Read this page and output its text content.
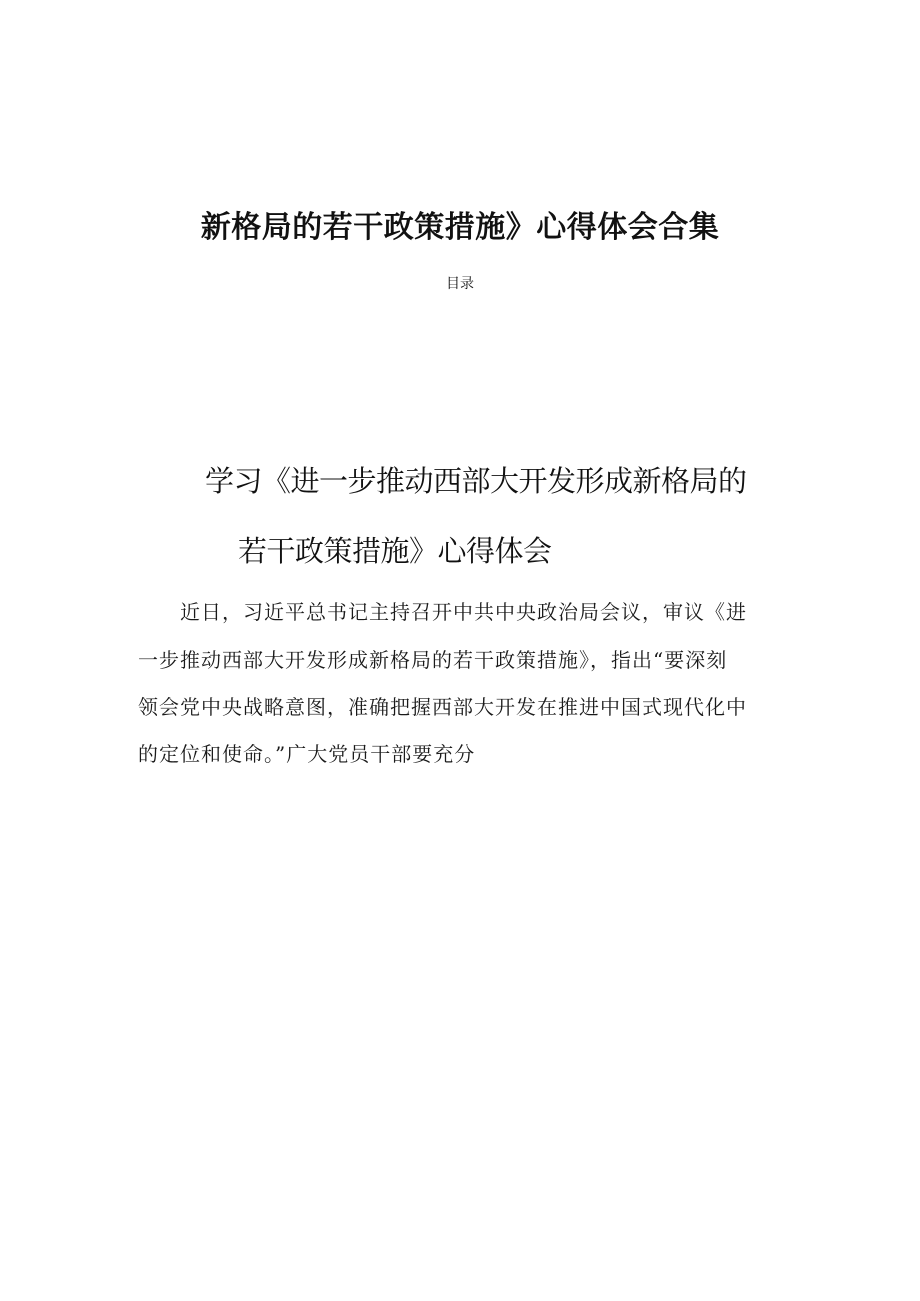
新格局的若干政策措施》心得体会合集
目录
学习《进一步推动西部大开发形成新格局的
若干政策措施》心得体会
近日，习近平总书记主持召开中共中央政治局会议，审议《进
一步推动西部大开发形成新格局的若干政策措施》，指出“要深刻
领会党中央战略意图，准确把握西部大开发在推进中国式现代化中
的定位和使命。”广大党员干部要充分
